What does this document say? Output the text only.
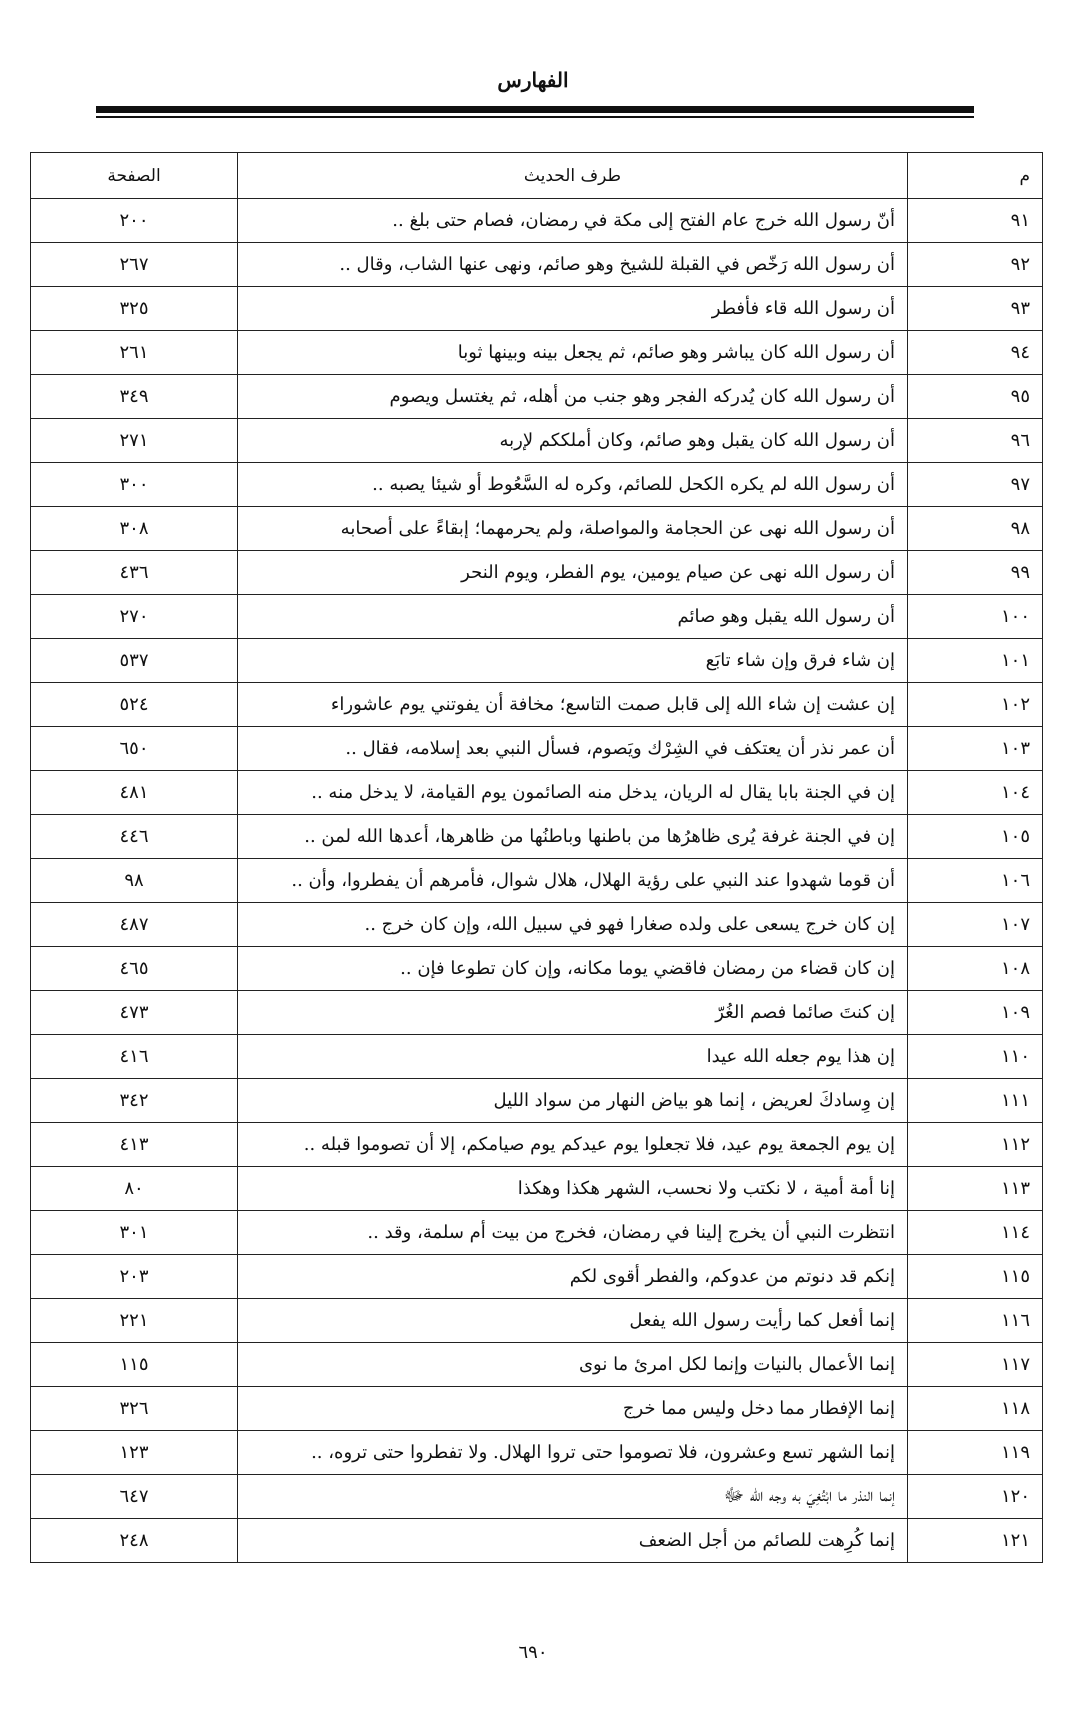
الفهارس
م	طرف الحديث	الصفحة
٩١	أنّ رسول الله خرج عام الفتح إلى مكة في رمضان، فصام حتى بلغ ..	٢٠٠
٩٢	أن رسول الله رَخّص في القبلة للشيخ وهو صائم، ونهى عنها الشاب، وقال ..	٢٦٧
٩٣	أن رسول الله قاء فأفطر	٣٢٥
٩٤	أن رسول الله كان يباشر وهو صائم، ثم يجعل بينه وبينها ثوبا	٢٦١
٩٥	أن رسول الله كان يُدركه الفجر وهو جنب من أهله، ثم يغتسل ويصوم	٣٤٩
٩٦	أن رسول الله كان يقبل وهو صائم، وكان أملككم لإربه	٢٧١
٩٧	أن رسول الله لم يكره الكحل للصائم، وكره له السَّعُوط أو شيئا يصبه ..	٣٠٠
٩٨	أن رسول الله نهى عن الحجامة والمواصلة، ولم يحرمهما؛ إبقاءً على أصحابه	٣٠٨
٩٩	أن رسول الله نهى عن صيام يومين، يوم الفطر، ويوم النحر	٤٣٦
١٠٠	أن رسول الله يقبل وهو صائم	٢٧٠
١٠١	إن شاء فرق وإن شاء تابَع	٥٣٧
١٠٢	إن عشت إن شاء الله إلى قابل صمت التاسع؛ مخافة أن يفوتني يوم عاشوراء	٥٢٤
١٠٣	أن عمر نذر أن يعتكف في الشِرْك ويَصوم، فسأل النبي بعد إسلامه، فقال ..	٦٥٠
١٠٤	إن في الجنة بابا يقال له الريان، يدخل منه الصائمون يوم القيامة، لا يدخل منه ..	٤٨١
١٠٥	إن في الجنة غرفة يُرى ظاهرُها من باطنها وباطنُها من ظاهرها، أعدها الله لمن ..	٤٤٦
١٠٦	أن قوما شهدوا عند النبي على رؤية الهلال، هلال شوال، فأمرهم أن يفطروا، وأن ..	٩٨
١٠٧	إن كان خرج يسعى على ولده صغارا فهو في سبيل الله، وإن كان خرج ..	٤٨٧
١٠٨	إن كان قضاء من رمضان فاقضي يوما مكانه، وإن كان تطوعا فإن ..	٤٦٥
١٠٩	إن كنتَ صائما فصم الغُرّ	٤٧٣
١١٠	إن هذا يوم جعله الله عيدا	٤١٦
١١١	إن وِسادكَ لعريض ، إنما هو بياض النهار من سواد الليل	٣٤٢
١١٢	إن يوم الجمعة يوم عيد، فلا تجعلوا يوم عيدكم يوم صيامكم، إلا أن تصوموا قبله ..	٤١٣
١١٣	إنا أمة أمية ، لا نكتب ولا نحسب، الشهر هكذا وهكذا	٨٠
١١٤	انتظرت النبي أن يخرج إلينا في رمضان، فخرج من بيت أم سلمة، وقد ..	٣٠١
١١٥	إنكم قد دنوتم من عدوكم، والفطر أقوى لكم	٢٠٣
١١٦	إنما أفعل كما رأيت رسول الله يفعل	٢٢١
١١٧	إنما الأعمال بالنيات وإنما لكل امرئ ما نوى	١١٥
١١٨	إنما الإفطار مما دخل وليس مما خرج	٣٢٦
١١٩	إنما الشهر تسع وعشرون، فلا تصوموا حتى تروا الهلال. ولا تفطروا حتى تروه، ..	١٢٣
١٢٠	إنما النذر ما ابْتُغِيَ به وجه الله ﷻ	٦٤٧
١٢١	إنما كُرِهت للصائم من أجل الضعف	٢٤٨
٦٩٠
